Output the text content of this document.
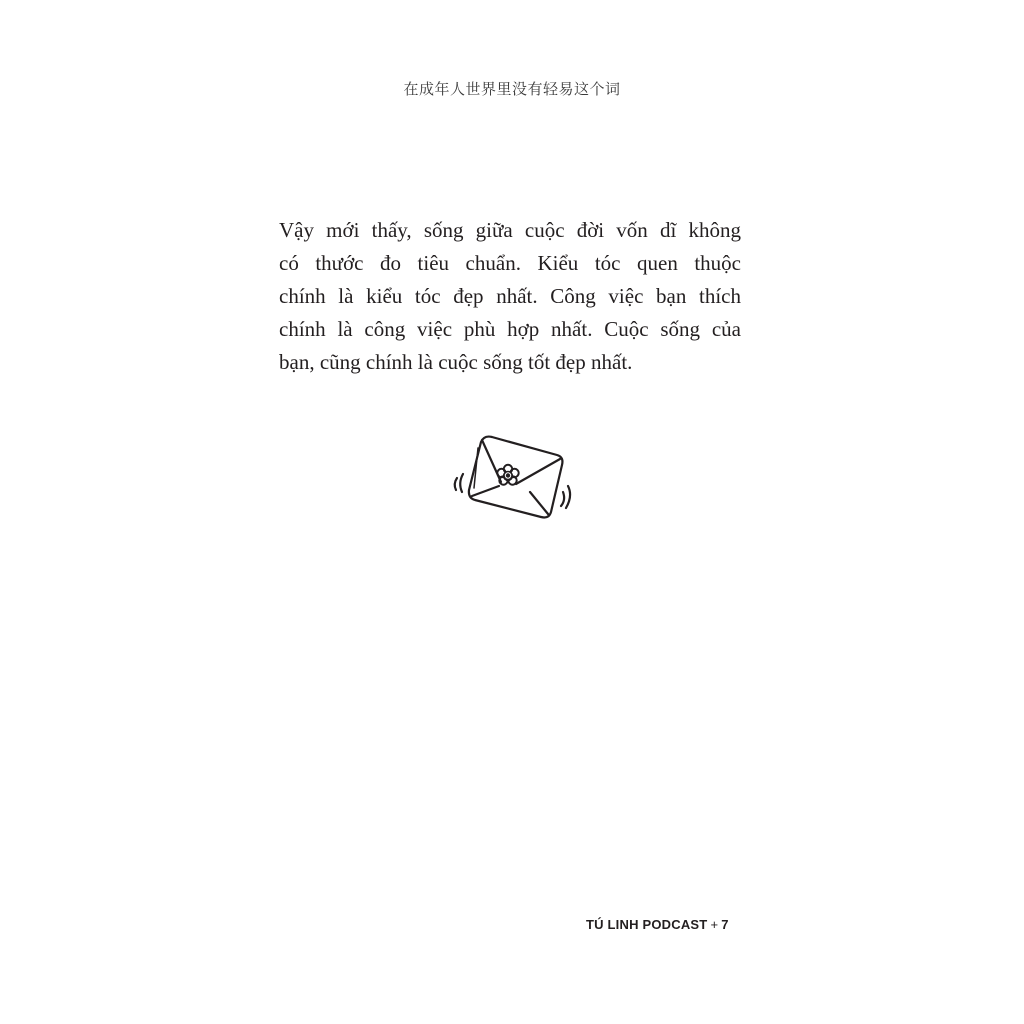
在成年人世界里没有轻易这个词
Vậy mới thấy, sống giữa cuộc đời vốn dĩ không
có thước đo tiêu chuẩn. Kiểu tóc quen thuộc
chính là kiểu tóc đẹp nhất. Công việc bạn thích
chính là công việc phù hợp nhất. Cuộc sống của
bạn, cũng chính là cuộc sống tốt đẹp nhất.
TÚ LINH PODCAST + 7
